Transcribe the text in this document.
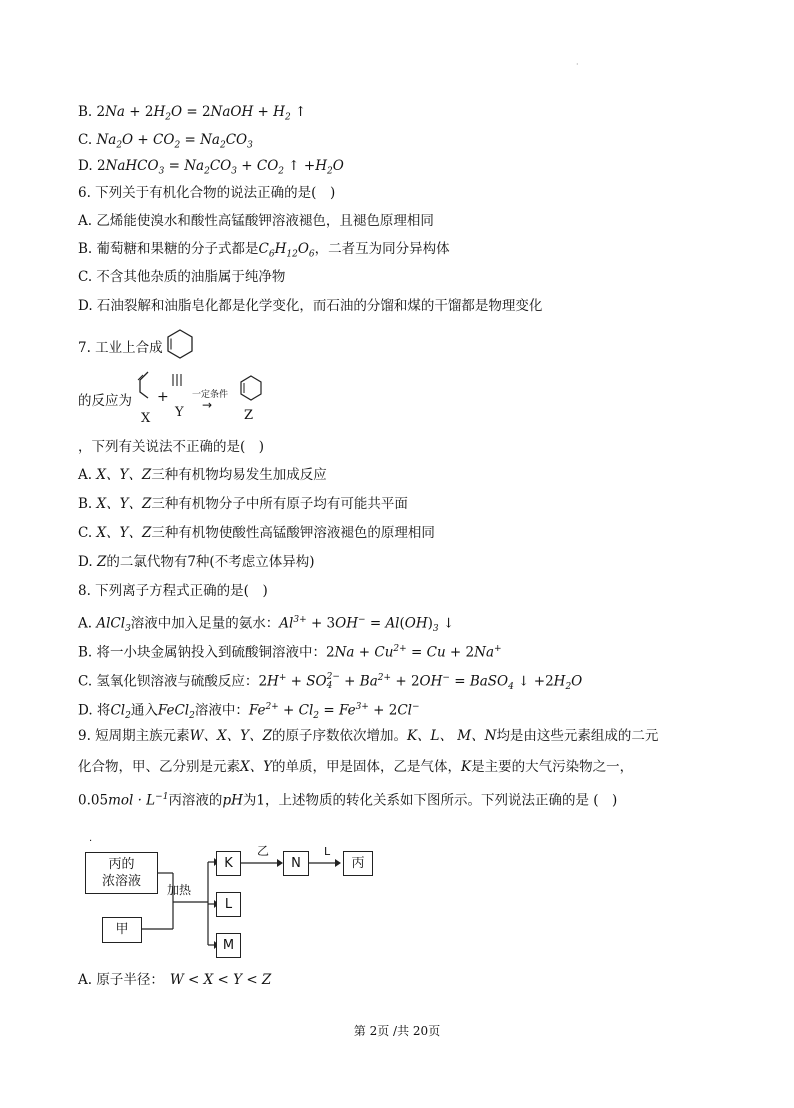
·
B. $2Na + 2H_2O$ = 2NaOH + $H_2$ ↑
C. $Na_2O + CO_2 = Na_2CO_3$
D. 2NaHCO$_3$ = $Na_2CO_3 + CO_2$ ↑ $+H_2O$
6. 下列关于有机化合物的说法正确的是(　)
A. 乙烯能使溴水和酸性高锰酸钾溶液褪色，且褪色原理相同
B. 葡萄糖和果糖的分子式都是$C_6H_{12}O_6$，二者互为同分异构体
C. 不含其他杂质的油脂属于纯净物
D. 石油裂解和油脂皂化都是化学变化，而石油的分馏和煤的干馏都是物理变化
7. 工业上合成
的反应为 +	一定条件
→
X Y	Z
，下列有关说法不正确的是(　)
A. X、Y、Z三种有机物均易发生加成反应
B. X、Y、Z三种有机物分子中所有原子均有可能共平面
C. X、Y、Z三种有机物使酸性高锰酸钾溶液褪色的原理相同
D. Z的二氯代物有7种(不考虑立体异构)
8. 下列离子方程式正确的是(　)
A. AlCl$_3$溶液中加入足量的氨水：$Al^{3+} + 3OH^- = Al(OH)_3$ ↓
B. 将一小块金属钠投入到硫酸铜溶液中：$2Na + Cu^{2+} = Cu + 2Na^+$
C. 氢氧化钡溶液与硫酸反应：2H+ + SO 2−
$4 + Ba^{2+} + 2OH^-$ = BaSO$_4$ ↓ $+2H_2O$
D. 将$Cl_2$通入FeCl$_2$溶液中：$Fe^{2+} + Cl_2 = Fe^{3+} + 2Cl^-$
9. 短周期主族元素W、X、Y、Z的原子序数依次增加。K、L、 M、N均是由这些元素组成的二元
化合物，甲、乙分别是元素X、Y的单质，甲是固体，乙是气体，K是主要的大气污染物之一，
$0.05mol \cdot L^{-1}$丙溶液的pH为1，上述物质的转化关系如下图所示。下列说法正确的是 (　)
·
丙的
浓溶液
甲
加热
K
L
M
乙
N
L
丙
A. 原子半径： W < X < Y < Z
第 2页 /共 20页
